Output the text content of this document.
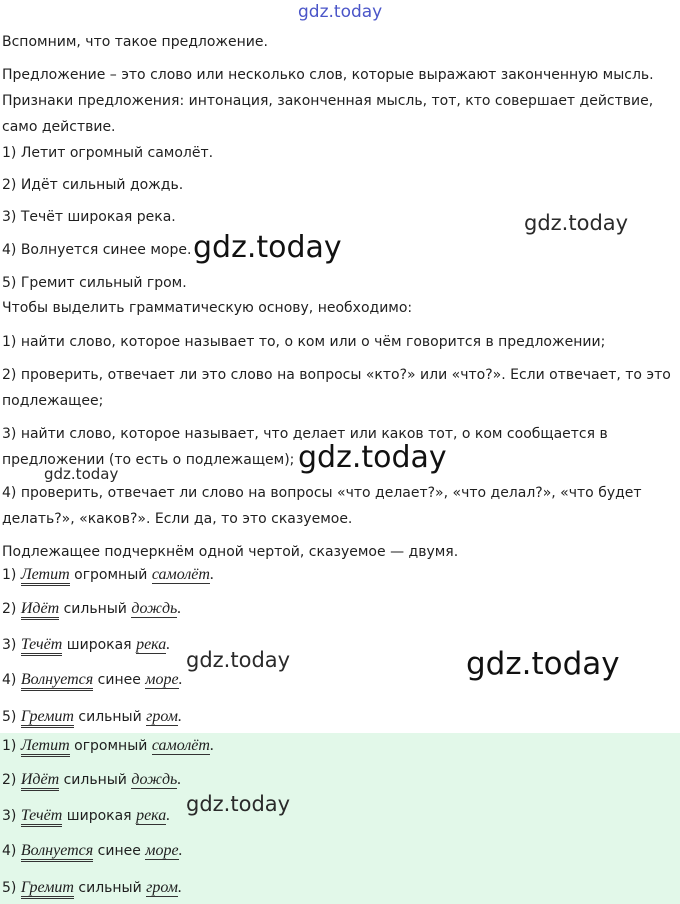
gdz.today
Вспомним, что такое предложение.
Предложение – это слово или несколько слов, которые выражают законченную мысль.
Признаки предложения: интонация, законченная мысль, тот, кто совершает действие,
само действие.
1) Летит огромный самолёт.
2) Идёт сильный дождь.
3) Течёт широкая река.
4) Волнуется синее море.
5) Гремит сильный гром.
Чтобы выделить грамматическую основу, необходимо:
1) найти слово, которое называет то, о ком или о чём говорится в предложении;
2) проверить, отвечает ли это слово на вопросы «кто?» или «что?». Если отвечает, то это
подлежащее;
3) найти слово, которое называет, что делает или каков тот, о ком сообщается в
предложении (то есть о подлежащем);
4) проверить, отвечает ли слово на вопросы «что делает?», «что делал?», «что будет
делать?», «каков?». Если да, то это сказуемое.
Подлежащее подчеркнём одной чертой, сказуемое — двумя.
1) Летит огромный самолёт.
2) Идёт сильный дождь.
3) Течёт широкая река.
4) Волнуется синее море.
5) Гремит сильный гром.
1) Летит огромный самолёт.
2) Идёт сильный дождь.
3) Течёт широкая река.
4) Волнуется синее море.
5) Гремит сильный гром.
gdz.today
gdz.today
gdz.today
gdz.today
gdz.today	gdz.today
gdz.today
